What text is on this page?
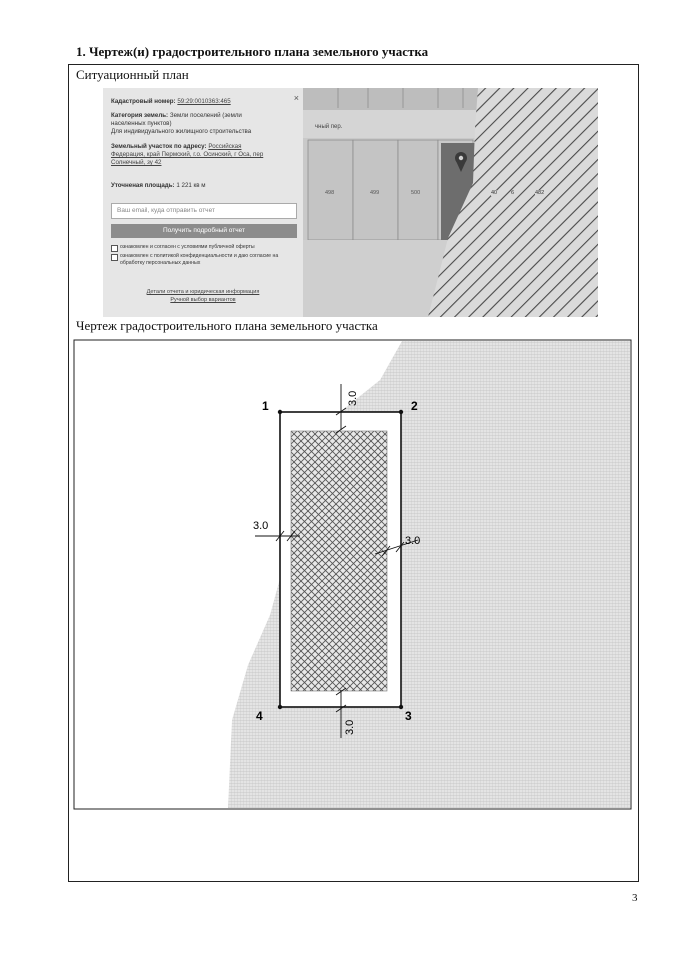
1. Чертеж(и) градостроительного плана земельного участка
Ситуационный план
чный пер.
498	499	500	40	6	482
×
Кадастровый номер: 59:29:0010363:465
Категория земель: Земли поселений (земли
населенных пунктов)
Для индивидуального жилищного строительства
Земельный участок по адресу: Российская
Федерация, край Пермский, г.о. Осинский, г Оса, пер
Солнечный, зу 42
Уточненая площадь: 1 221 кв м
Ваш email, куда отправить отчет
Получить подробный отчет
ознакомлен и согласен с условиями публичной оферты
ознакомлен с политикой конфиденциальности и даю согласие на обработку персональных данных
Детали отчета и юридическая информация
Ручной выбор вариантов
Чертеж градостроительного плана земельного участка
1	2
3
4
3.0
3.0
3.0
3.0
3
